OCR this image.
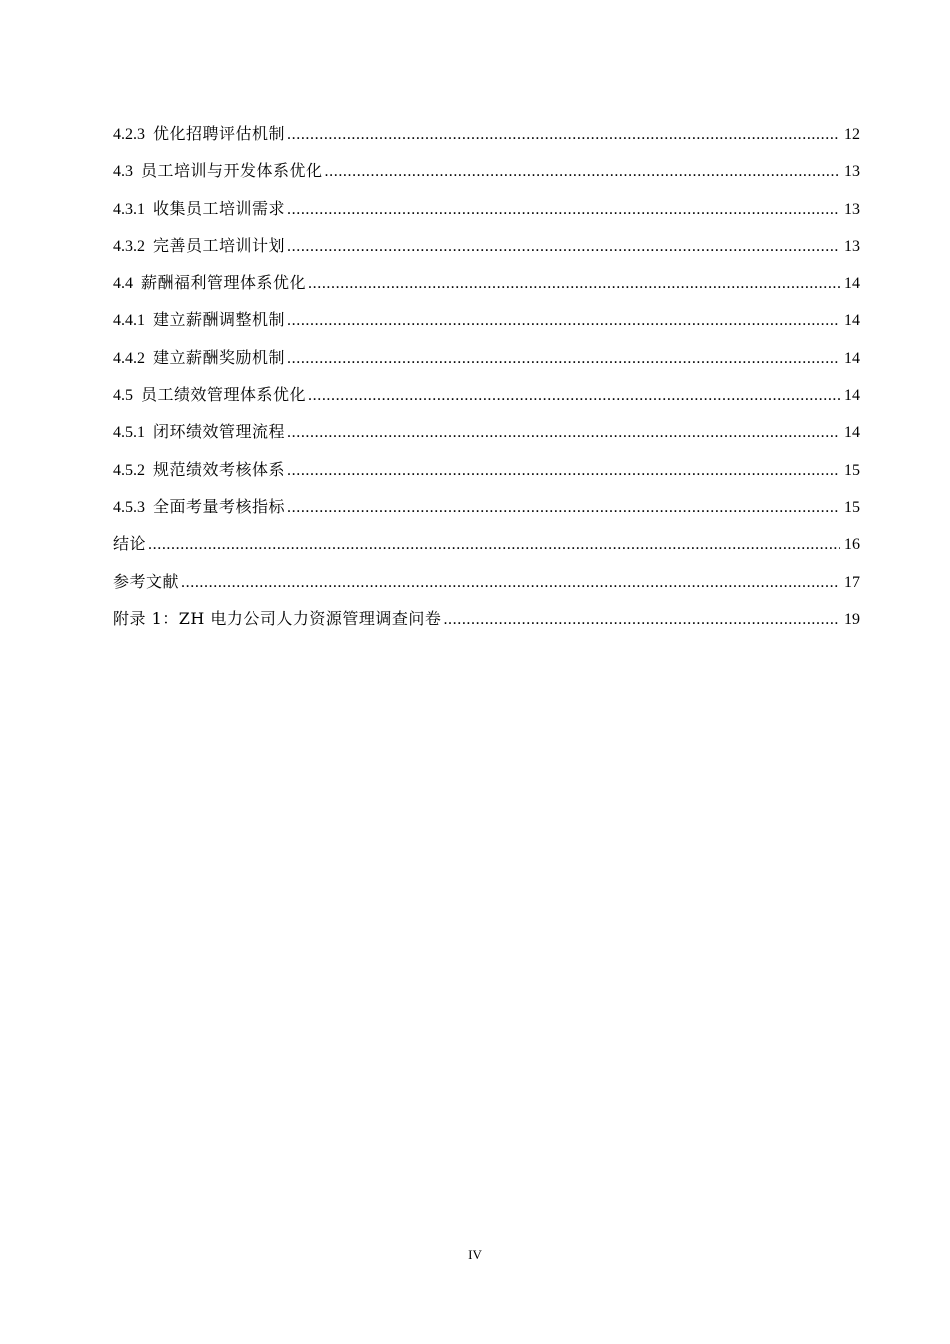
4.2.3 优化招聘评估机制 .....	12
4.3 员工培训与开发体系优化 .....	13
4.3.1 收集员工培训需求 .....	13
4.3.2 完善员工培训计划 .....	13
4.4 薪酬福利管理体系优化 .....	14
4.4.1 建立薪酬调整机制 .....	14
4.4.2 建立薪酬奖励机制 .....	14
4.5 员工绩效管理体系优化 .....	14
4.5.1 闭环绩效管理流程 .....	14
4.5.2 规范绩效考核体系 .....	15
4.5.3 全面考量考核指标 .....	15
结论 .....	16
参考文献 .....	17
附录 1：ZH 电力公司人力资源管理调查问卷 .....	19
IV
